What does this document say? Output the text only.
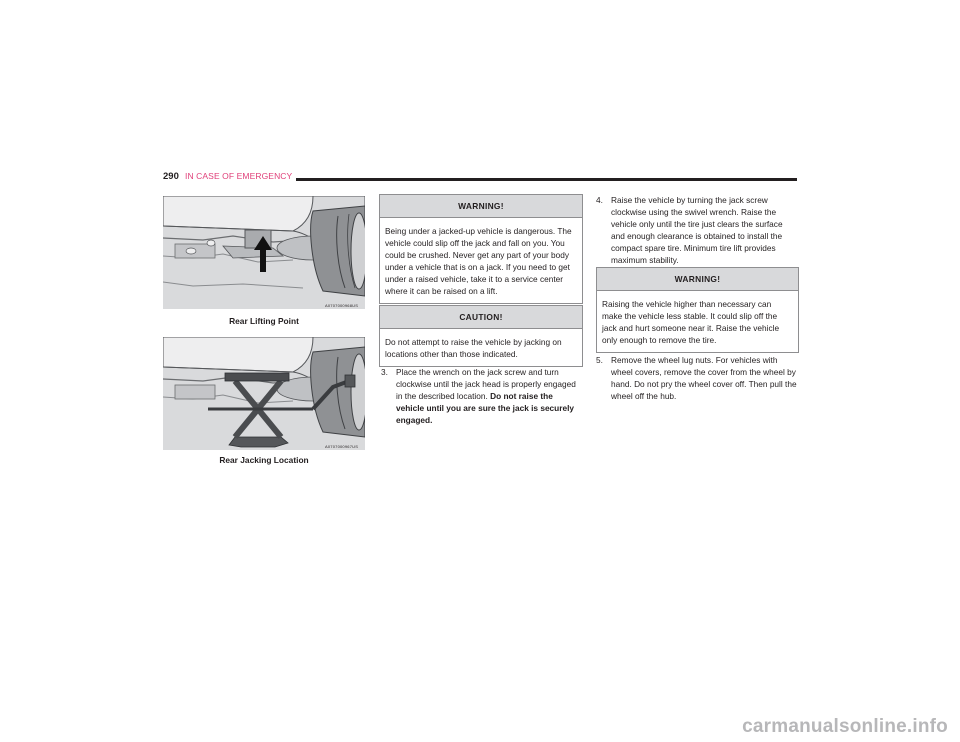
290 IN CASE OF EMERGENCY
A0707000968US
Rear Lifting Point
A0707000967US
Rear Jacking Location
WARNING!
Being under a jacked-up vehicle is dangerous. The vehicle could slip off the jack and fall on you. You could be crushed. Never get any part of your body under a vehicle that is on a jack. If you need to get under a raised vehicle, take it to a service center where it can be raised on a lift.
CAUTION!
Do not attempt to raise the vehicle by jacking on locations other than those indicated.
3. Place the wrench on the jack screw and turn clockwise until the jack head is properly engaged in the described location. Do not raise the vehicle until you are sure the jack is securely engaged.
4. Raise the vehicle by turning the jack screw clockwise using the swivel wrench. Raise the vehicle only until the tire just clears the surface and enough clearance is obtained to install the compact spare tire. Minimum tire lift provides maximum stability.
WARNING!
Raising the vehicle higher than necessary can make the vehicle less stable. It could slip off the jack and hurt someone near it. Raise the vehicle only enough to remove the tire.
5. Remove the wheel lug nuts. For vehicles with wheel covers, remove the cover from the wheel by hand. Do not pry the wheel cover off. Then pull the wheel off the hub.
carmanualsonline.info
